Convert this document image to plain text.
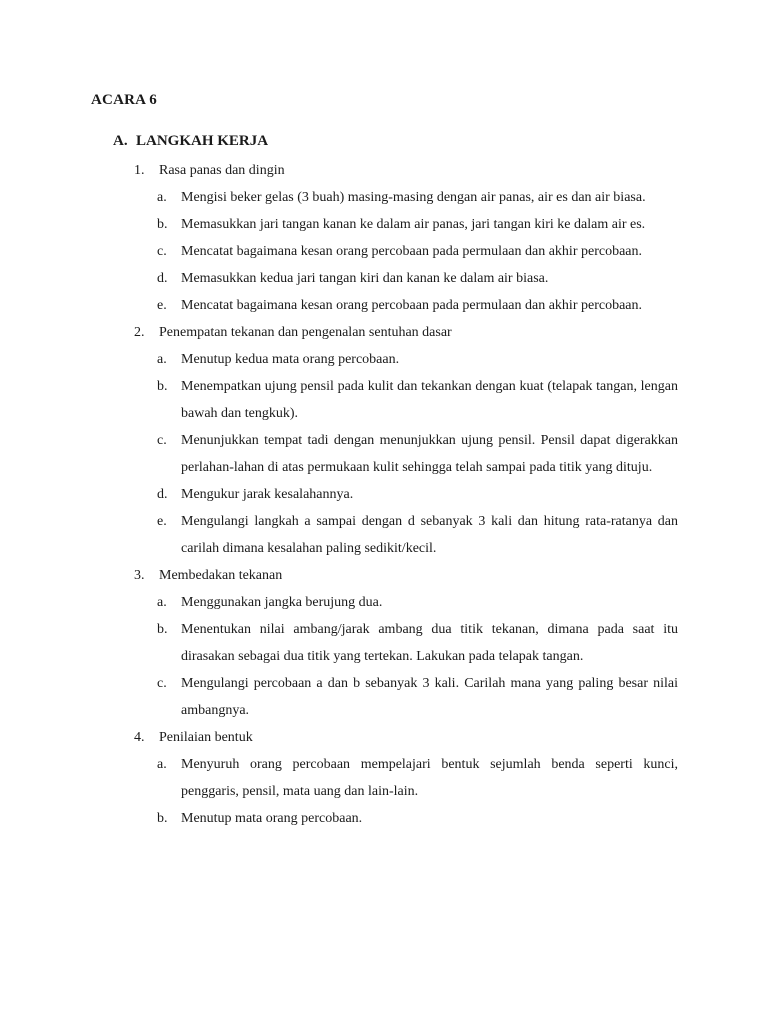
ACARA 6
A. LANGKAH KERJA
1. Rasa panas dan dingin
a. Mengisi beker gelas (3 buah) masing-masing dengan air panas, air es dan air biasa.
b. Memasukkan jari tangan kanan ke dalam air panas, jari tangan kiri ke dalam air es.
c. Mencatat bagaimana kesan orang percobaan pada permulaan dan akhir percobaan.
d. Memasukkan kedua jari tangan kiri dan kanan ke dalam air biasa.
e. Mencatat bagaimana kesan orang percobaan pada permulaan dan akhir percobaan.
2. Penempatan tekanan dan pengenalan sentuhan dasar
a. Menutup kedua mata orang percobaan.
b. Menempatkan ujung pensil pada kulit dan tekankan dengan kuat (telapak tangan, lengan bawah dan tengkuk).
c. Menunjukkan tempat tadi dengan menunjukkan ujung pensil. Pensil dapat digerakkan perlahan-lahan di atas permukaan kulit sehingga telah sampai pada titik yang dituju.
d. Mengukur jarak kesalahannya.
e. Mengulangi langkah a sampai dengan d sebanyak 3 kali dan hitung rata-ratanya dan carilah dimana kesalahan paling sedikit/kecil.
3. Membedakan tekanan
a. Menggunakan jangka berujung dua.
b. Menentukan nilai ambang/jarak ambang dua titik tekanan, dimana pada saat itu dirasakan sebagai dua titik yang tertekan. Lakukan pada telapak tangan.
c. Mengulangi percobaan a dan b sebanyak 3 kali. Carilah mana yang paling besar nilai ambangnya.
4. Penilaian bentuk
a. Menyuruh orang percobaan mempelajari bentuk sejumlah benda seperti kunci, penggaris, pensil, mata uang dan lain-lain.
b. Menutup mata orang percobaan.
